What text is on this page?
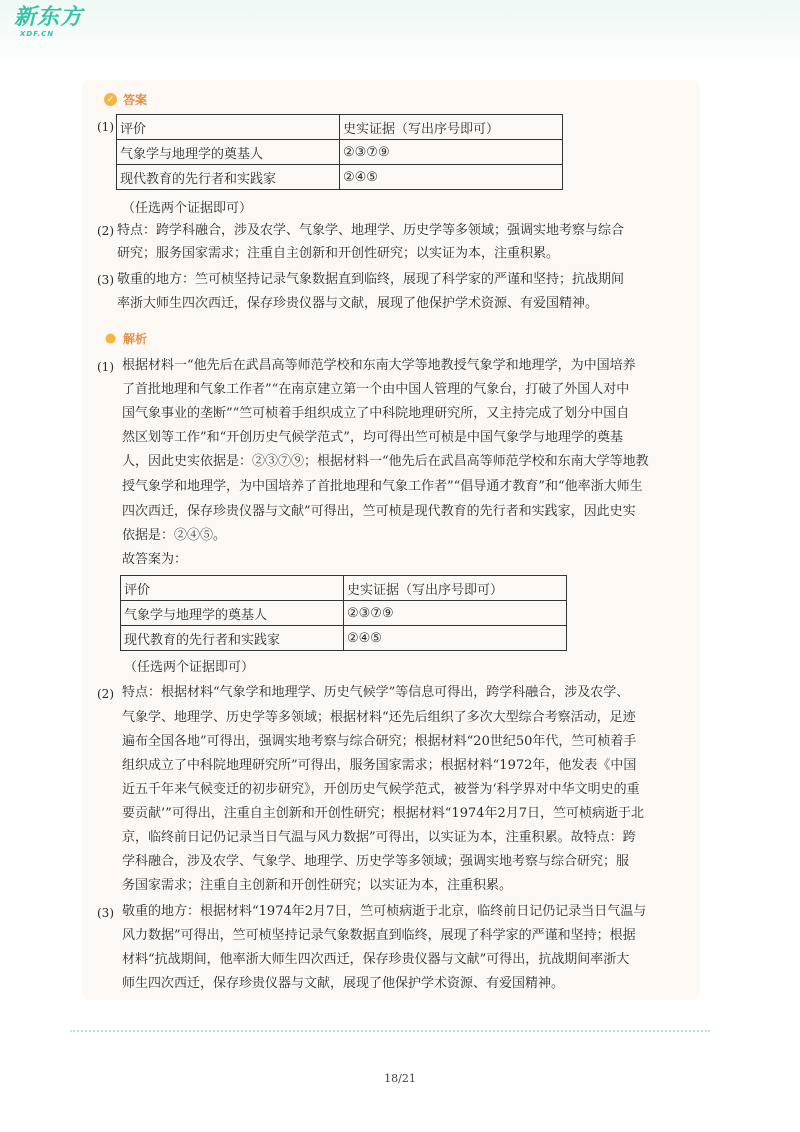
新东方
XDF.CN
✓ 答案
(1) 评价	史实证据（写出序号即可）
气象学与地理学的奠基人	②③⑦⑨
现代教育的先行者和实践家	②④⑤
（任选两个证据即可）
(2) 特点：跨学科融合，涉及农学、气象学、地理学、历史学等多领域；强调实地考察与综合
研究；服务国家需求；注重自主创新和开创性研究；以实证为本，注重积累。
(3) 敬重的地方：竺可桢坚持记录气象数据直到临终，展现了科学家的严谨和坚持；抗战期间
率浙大师生四次西迁，保存珍贵仪器与文献，展现了他保护学术资源、有爱国精神。
● 解析
(1) 根据材料一“他先后在武昌高等师范学校和东南大学等地教授气象学和地理学，为中国培养
了首批地理和气象工作者”“在南京建立第一个由中国人管理的气象台，打破了外国人对中
国气象事业的垄断”“竺可桢着手组织成立了中科院地理研究所，又主持完成了划分中国自
然区划等工作”和“开创历史气候学范式”，均可得出竺可桢是中国气象学与地理学的奠基
人，因此史实依据是：②③⑦⑨；根据材料一“他先后在武昌高等师范学校和东南大学等地教
授气象学和地理学，为中国培养了首批地理和气象工作者”“倡导通才教育”和“他率浙大师生
四次西迁，保存珍贵仪器与文献”可得出，竺可桢是现代教育的先行者和实践家，因此史实
依据是：②④⑤。
故答案为：
评价	史实证据（写出序号即可）
气象学与地理学的奠基人	②③⑦⑨
现代教育的先行者和实践家	②④⑤
（任选两个证据即可）
(2) 特点：根据材料“气象学和地理学、历史气候学”等信息可得出，跨学科融合，涉及农学、
气象学、地理学、历史学等多领域；根据材料“还先后组织了多次大型综合考察活动，足迹
遍布全国各地”可得出，强调实地考察与综合研究；根据材料“20世纪50年代，竺可桢着手
组织成立了中科院地理研究所”可得出，服务国家需求；根据材料“1972年，他发表《中国
近五千年来气候变迁的初步研究》，开创历史气候学范式，被誉为‘科学界对中华文明史的重
要贡献’”可得出，注重自主创新和开创性研究；根据材料“1974年2月7日，竺可桢病逝于北
京，临终前日记仍记录当日气温与风力数据”可得出，以实证为本，注重积累。故特点：跨
学科融合，涉及农学、气象学、地理学、历史学等多领域；强调实地考察与综合研究；服
务国家需求；注重自主创新和开创性研究；以实证为本，注重积累。
(3) 敬重的地方：根据材料“1974年2月7日，竺可桢病逝于北京，临终前日记仍记录当日气温与
风力数据”可得出，竺可桢坚持记录气象数据直到临终，展现了科学家的严谨和坚持；根据
材料“抗战期间，他率浙大师生四次西迁，保存珍贵仪器与文献”可得出，抗战期间率浙大
师生四次西迁，保存珍贵仪器与文献，展现了他保护学术资源、有爱国精神。
18/21
